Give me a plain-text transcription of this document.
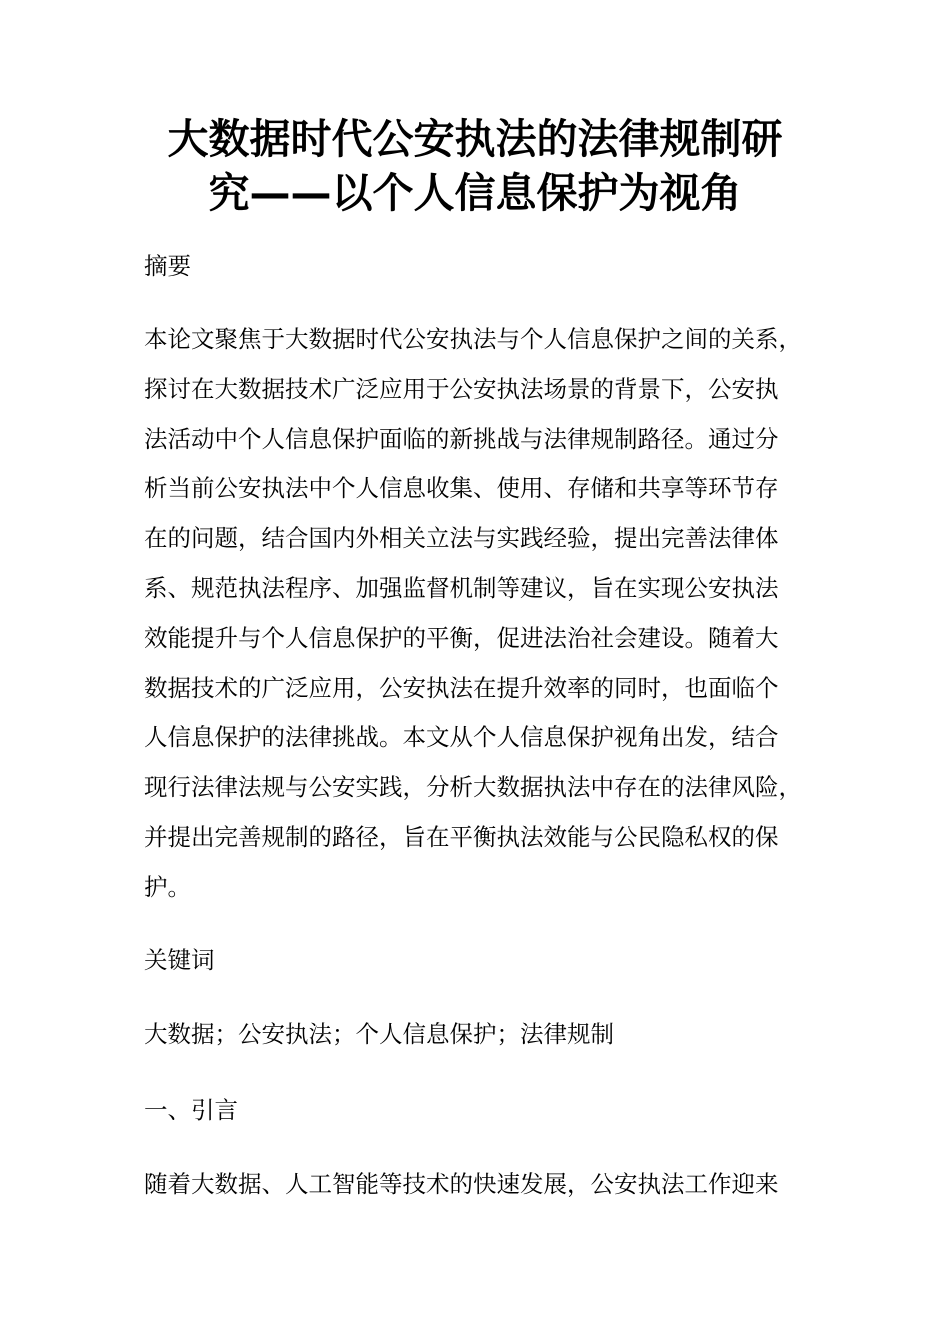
大数据时代公安执法的法律规制研
究——以个人信息保护为视角

摘要

本论文聚焦于大数据时代公安执法与个人信息保护之间的关系，
探讨在大数据技术广泛应用于公安执法场景的背景下，公安执
法活动中个人信息保护面临的新挑战与法律规制路径。通过分
析当前公安执法中个人信息收集、使用、存储和共享等环节存
在的问题，结合国内外相关立法与实践经验，提出完善法律体
系、规范执法程序、加强监督机制等建议，旨在实现公安执法
效能提升与个人信息保护的平衡，促进法治社会建设。随着大
数据技术的广泛应用，公安执法在提升效率的同时，也面临个
人信息保护的法律挑战。本文从个人信息保护视角出发，结合
现行法律法规与公安实践，分析大数据执法中存在的法律风险，
并提出完善规制的路径，旨在平衡执法效能与公民隐私权的保
护。

关键词

大数据；公安执法；个人信息保护；法律规制

一、引言

随着大数据、人工智能等技术的快速发展，公安执法工作迎来
